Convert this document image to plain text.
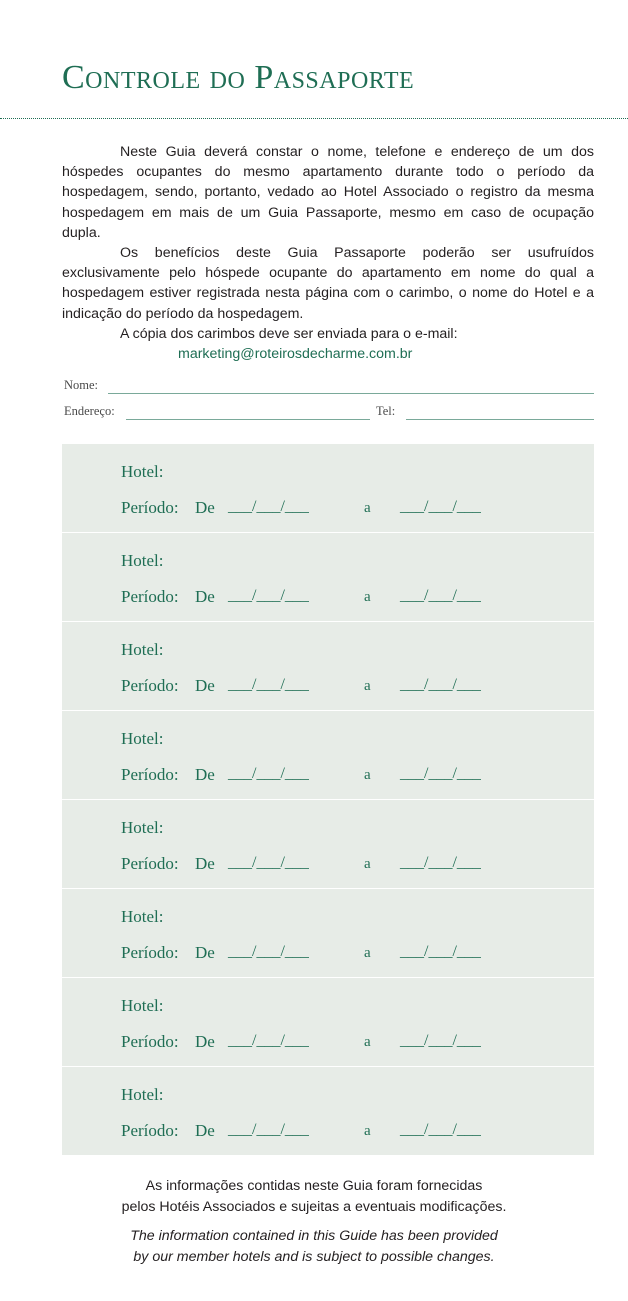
Controle do Passaporte

Neste Guia deverá constar o nome, telefone e endereço de um dos hóspedes ocupantes do mesmo apartamento durante todo o período da hospedagem, sendo, portanto, vedado ao Hotel Associado o registro da mesma hospedagem em mais de um Guia Passaporte, mesmo em caso de ocupação dupla.

Os benefícios deste Guia Passaporte poderão ser usufruídos exclusivamente pelo hóspede ocupante do apartamento em nome do qual a hospedagem estiver registrada nesta página com o carimbo, o nome do Hotel e a indicação do período da hospedagem.

A cópia dos carimbos deve ser enviada para o e-mail:
marketing@roteirosdecharme.com.br

Nome:
Endereço:	Tel:
Hotel:
Período: De ___/___/___	a ___/___/___
Hotel:
Período: De ___/___/___	a ___/___/___
Hotel:
Período: De ___/___/___	a ___/___/___
Hotel:
Período: De ___/___/___	a ___/___/___
Hotel:
Período: De ___/___/___	a ___/___/___
Hotel:
Período: De ___/___/___	a ___/___/___
Hotel:
Período: De ___/___/___	a ___/___/___
Hotel:
Período: De ___/___/___	a ___/___/___
As informações contidas neste Guia foram fornecidas
pelos Hotéis Associados e sujeitas a eventuais modificações.
The information contained in this Guide has been provided
by our member hotels and is subject to possible changes.
